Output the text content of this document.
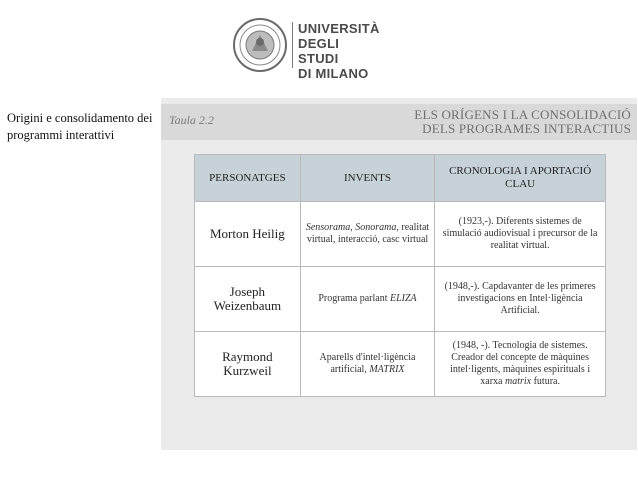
UNIVERSITÀ
DEGLI STUDI
DI MILANO
Origini e consolidamento dei programmi interattivi
Taula 2.2	ELS ORÍGENS I LA CONSOLIDACIÓ
DELS PROGRAMES INTERACTIUS
PERSONATGES	INVENTS	CRONOLOGIA I APORTACIÓ CLAU
Morton Heilig	Sensorama, Sonorama, realitat virtual, interacció, casc virtual	(1923,-). Diferents sistemes de simulació audiovisual i precursor de la realitat virtual.
Joseph Weizenbaum	Programa parlant ELIZA	(1948,-). Capdavanter de les primeres investigacions en Intel·ligència Artificial.
Raymond Kurzweil	Aparells d'intel·ligència artificial, MATRIX	(1948, -). Tecnologia de sistemes. Creador del concepte de màquines intel·ligents, màquines espirituals i xarxa matrix futura.
